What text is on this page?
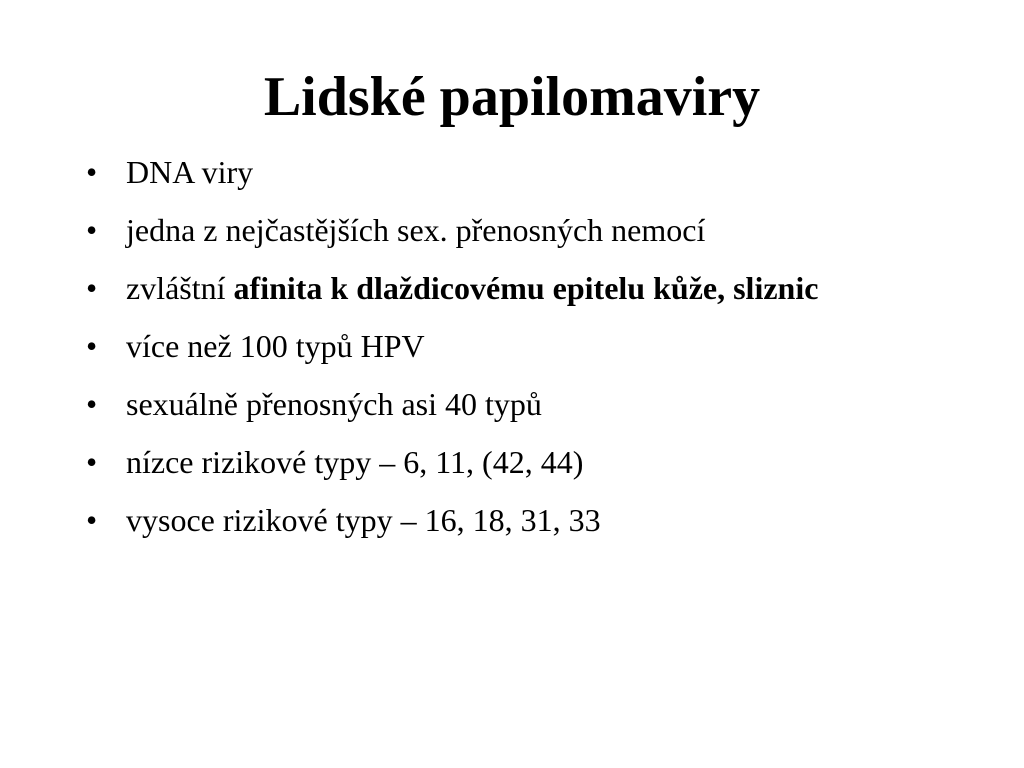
Lidské papilomaviry
• DNA viry
• jedna z nejčastějších sex. přenosných nemocí
• zvláštní afinita k dlaždicovému epitelu kůže, sliznic
• více než 100 typů HPV
• sexuálně přenosných asi 40 typů
• nízce rizikové typy – 6, 11, (42, 44)
• vysoce rizikové typy – 16, 18, 31, 33
